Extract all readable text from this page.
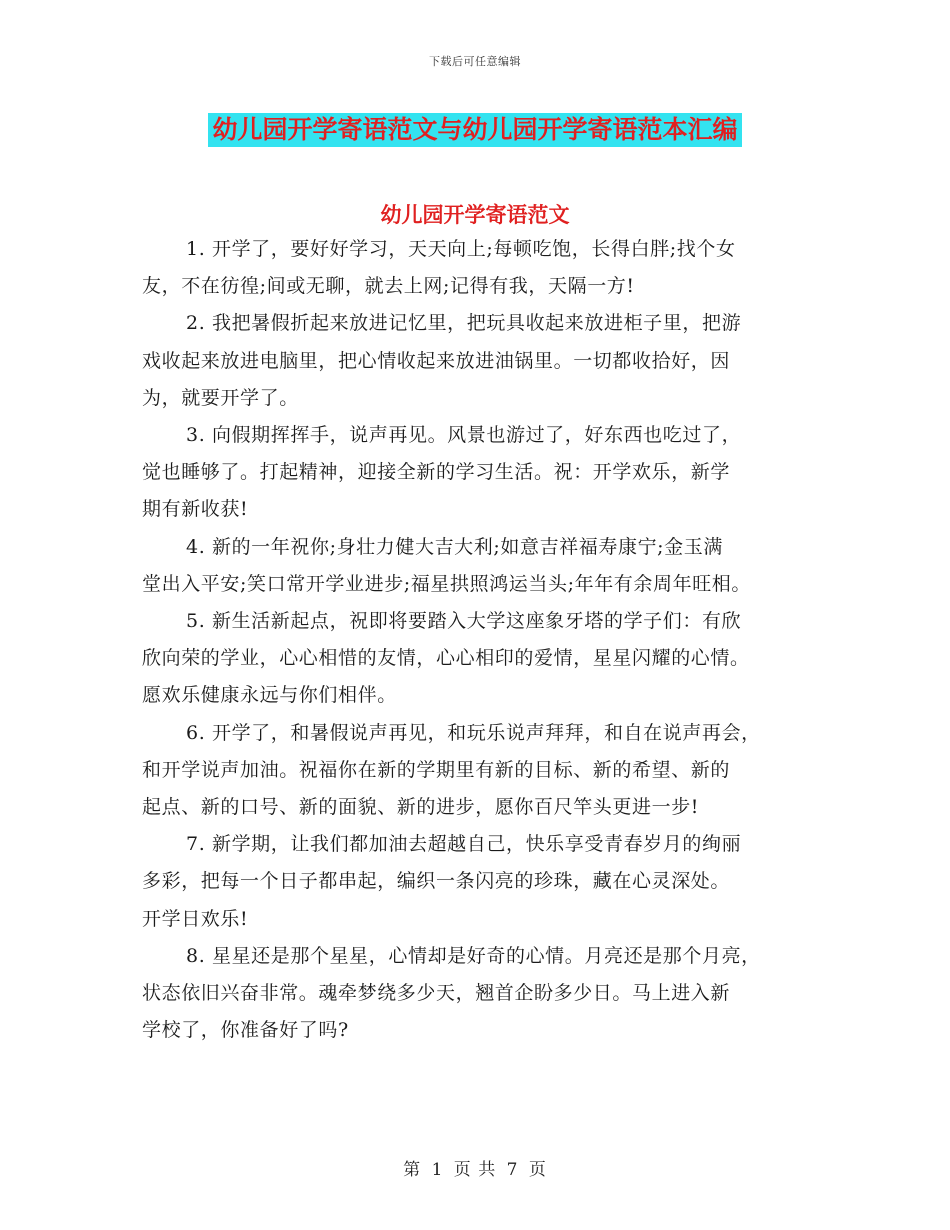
下载后可任意编辑
幼儿园开学寄语范文与幼儿园开学寄语范本汇编
幼儿园开学寄语范文
1. 开学了，要好好学习，天天向上;每顿吃饱，长得白胖;找个女
友，不在彷徨;间或无聊，就去上网;记得有我，天隔一方!
2. 我把暑假折起来放进记忆里，把玩具收起来放进柜子里，把游
戏收起来放进电脑里，把心情收起来放进油锅里。一切都收拾好，因
为，就要开学了。
3. 向假期挥挥手，说声再见。风景也游过了，好东西也吃过了，
觉也睡够了。打起精神，迎接全新的学习生活。祝：开学欢乐，新学
期有新收获!
4. 新的一年祝你;身壮力健大吉大利;如意吉祥福寿康宁;金玉满
堂出入平安;笑口常开学业进步;福星拱照鸿运当头;年年有余周年旺相。
5. 新生活新起点，祝即将要踏入大学这座象牙塔的学子们：有欣
欣向荣的学业，心心相惜的友情，心心相印的爱情，星星闪耀的心情。
愿欢乐健康永远与你们相伴。
6. 开学了，和暑假说声再见，和玩乐说声拜拜，和自在说声再会，
和开学说声加油。祝福你在新的学期里有新的目标、新的希望、新的
起点、新的口号、新的面貌、新的进步，愿你百尺竿头更进一步!
7. 新学期，让我们都加油去超越自己，快乐享受青春岁月的绚丽
多彩，把每一个日子都串起，编织一条闪亮的珍珠，藏在心灵深处。
开学日欢乐!
8. 星星还是那个星星，心情却是好奇的心情。月亮还是那个月亮，
状态依旧兴奋非常。魂牵梦绕多少天，翘首企盼多少日。马上进入新
学校了，你准备好了吗?
第 1 页 共 7 页
